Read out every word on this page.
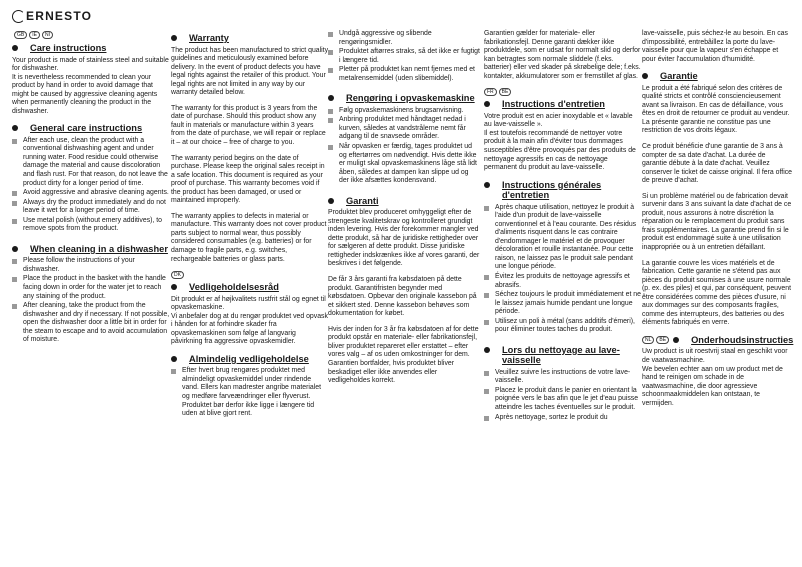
ERNESTO
GB	IE	NI
Care instructions

Your product is made of stainless steel and suitable for dishwasher.
It is nevertheless recommended to clean your product by hand in order to avoid damage that might be caused by aggressive cleaning agents when permanently cleaning the product in the dishwasher.

General care instructions
After each use, clean the product with a conventional dishwashing agent and under running water. Food residue could otherwise damage the material and cause discoloration and flash rust. For that reason, do not leave the product dirty for a longer period of time.
Avoid aggressive and abrasive cleaning agents.
Always dry the product immediately and do not leave it wet for a longer period of time.
Use metal polish (without emery additives), to remove spots from the product.
When cleaning in a dishwasher
Please follow the instructions of your dishwasher.
Place the product in the basket with the handle facing down in order for the water jet to reach any staining of the product.
After cleaning, take the product from the dishwasher and dry if necessary. If not possible, open the dishwasher door a little bit in order for the steam to escape and to avoid accumulation of moisture.
Warranty

The product has been manufactured to strict quality guidelines and meticulously examined before delivery. In the event of product defects you have legal rights against the retailer of this product. Your legal rights are not limited in any way by our warranty detailed below.

The warranty for this product is 3 years from the date of purchase. Should this product show any fault in materials or manufacture within 3 years from the date of purchase, we will repair or replace it – at our choice – free of charge to you.

The warranty period begins on the date of purchase. Please keep the original sales receipt in a safe location. This document is required as your proof of purchase. This warranty becomes void if the product has been damaged, or used or maintained improperly.

The warranty applies to defects in material or manufacture. This warranty does not cover product parts subject to normal wear, thus possibly considered consumables (e.g. batteries) or for damage to fragile parts, e.g. switches, rechargeable batteries or glass parts.

DK
Vedligeholdelsesråd

Dit produkt er af højkvalitets rustfrit stål og egnet til opvaskemaskine.
Vi anbefaler dog at du rengør produktet ved opvask i hånden for at forhindre skader fra opvaskemaskinen som følge af langvarig påvirkning fra aggressive opvaskemidler.

Almindelig vedligeholdelse
Efter hvert brug rengøres produktet med almindeligt opvaskemiddel under rindende vand. Ellers kan madrester angribe materialet og medføre farveændringer eller flyverust. Produktet bør derfor ikke ligge i længere tid uden at blive gjort rent.
Undgå aggressive og slibende rengøringsmidler.
Produktet aftørres straks, så det ikke er fugtigt i længere tid.
Pletter på produktet kan nemt fjernes med et metalrensemiddel (uden slibemiddel).
Rengøring i opvaskemaskine
Følg opvaskemaskinens brugsanvisning.
Anbring produktet med håndtaget nedad i kurven, således at vandstrålerne nemt får adgang til de snavsede områder.
Når opvasken er færdig, tages produktet ud og eftertørres om nødvendigt. Hvis dette ikke er muligt skal opvaskemaskinens låge stå lidt åben, således at dampen kan slippe ud og der ikke afsættes kondensvand.
Garanti

Produktet blev produceret omhyggeligt efter de strengeste kvalitetskrav og kontrolleret grundigt inden levering. Hvis der forekommer mangler ved dette produkt, så har de juridiske rettigheder over for sælgeren af dette produkt. Disse juridiske rettigheder indskrænkes ikke af vores garanti, der beskrives i det følgende.

De får 3 års garanti fra købsdatoen på dette produkt. Garantifristen begynder med købsdatoen. Opbevar den originale kassebon på et sikkert sted. Denne kassebon behøves som dokumentation for købet.

Hvis der inden for 3 år fra købsdatoen af for dette produkt opstår en materiale- eller fabrikationsfejl, bliver produktet repareret eller erstattet – efter vores valg – af os uden omkostninger for dem. Garantien bortfalder, hvis produktet bliver beskadiget eller ikke anvendes eller vedligeholdes korrekt.

Garantien gælder for materiale- eller fabrikationsfejl. Denne garanti dækker ikke produktdele, som er udsat for normalt slid og derfor kan betragtes som normale sliddele (f.eks. batterier) eller ved skader på skrøbelige dele; f.eks. kontakter, akkumulatorer som er fremstillet af glas.

FR	BE
Instructions d'entretien

Votre produit est en acier inoxydable et « lavable au lave-vaisselle ».
Il est toutefois recommandé de nettoyer votre produit à la main afin d'éviter tous dommages susceptibles d'être provoqués par des produits de nettoyage agressifs en cas de nettoyage permanent du produit au lave-vaisselle.

Instructions générales d'entretien
Après chaque utilisation, nettoyez le produit à l'aide d'un produit de lave-vaisselle conventionnel et à l'eau courante. Des résidus d'aliments risquent dans le cas contraire d'endommager le matériel et de provoquer décoloration et rouille instantanée. Pour cette raison, ne laissez pas le produit sale pendant une longue période.
Évitez les produits de nettoyage agressifs et abrasifs.
Séchez toujours le produit immédiatement et ne le laissez jamais humide pendant une longue période.
Utilisez un poli à métal (sans additifs d'émeri), pour éliminer toutes taches du produit.
Lors du nettoyage au lave-vaisselle
Veuillez suivre les instructions de votre lave-vaisselle.
Placez le produit dans le panier en orientant la poignée vers le bas afin que le jet d'eau puisse atteindre les taches éventuelles sur le produit.
Après nettoyage, sortez le produit du

lave-vaisselle, puis séchez-le au besoin. En cas d'impossibilité, entrebâillez la porte du lave-vaisselle pour que la vapeur s'en échappe et pour éviter l'accumulation d'humidité.

Garantie

Le produit a été fabriqué selon des critères de qualité stricts et contrôlé consciencieusement avant sa livraison. En cas de défaillance, vous êtes en droit de retourner ce produit au vendeur. La présente garantie ne constitue pas une restriction de vos droits légaux.

Ce produit bénéficie d'une garantie de 3 ans à compter de sa date d'achat. La durée de garantie débute à la date d'achat. Veuillez conserver le ticket de caisse original. Il fera office de preuve d'achat.

Si un problème matériel ou de fabrication devait survenir dans 3 ans suivant la date d'achat de ce produit, nous assurons à notre discrétion la réparation ou le remplacement du produit sans frais supplémentaires. La garantie prend fin si le produit est endommagé suite à une utilisation inappropriée ou à un entretien défaillant.

La garantie couvre les vices matériels et de fabrication. Cette garantie ne s'étend pas aux pièces du produit soumises à une usure normale (p. ex. des piles) et qui, par conséquent, peuvent être considérées comme des pièces d'usure, ni aux dommages sur des composants fragiles, comme des interrupteurs, des batteries ou des éléments fabriqués en verre.

NL	BE	Onderhoudsinstructies

Uw product is uit roestvrij staal en geschikt voor de vaatwasmachine.
We bevelen echter aan om uw product met de hand te reinigen om schade in de vaatwasmachine, die door agressieve schoonmaakmiddelen kan ontstaan, te vermijden.
